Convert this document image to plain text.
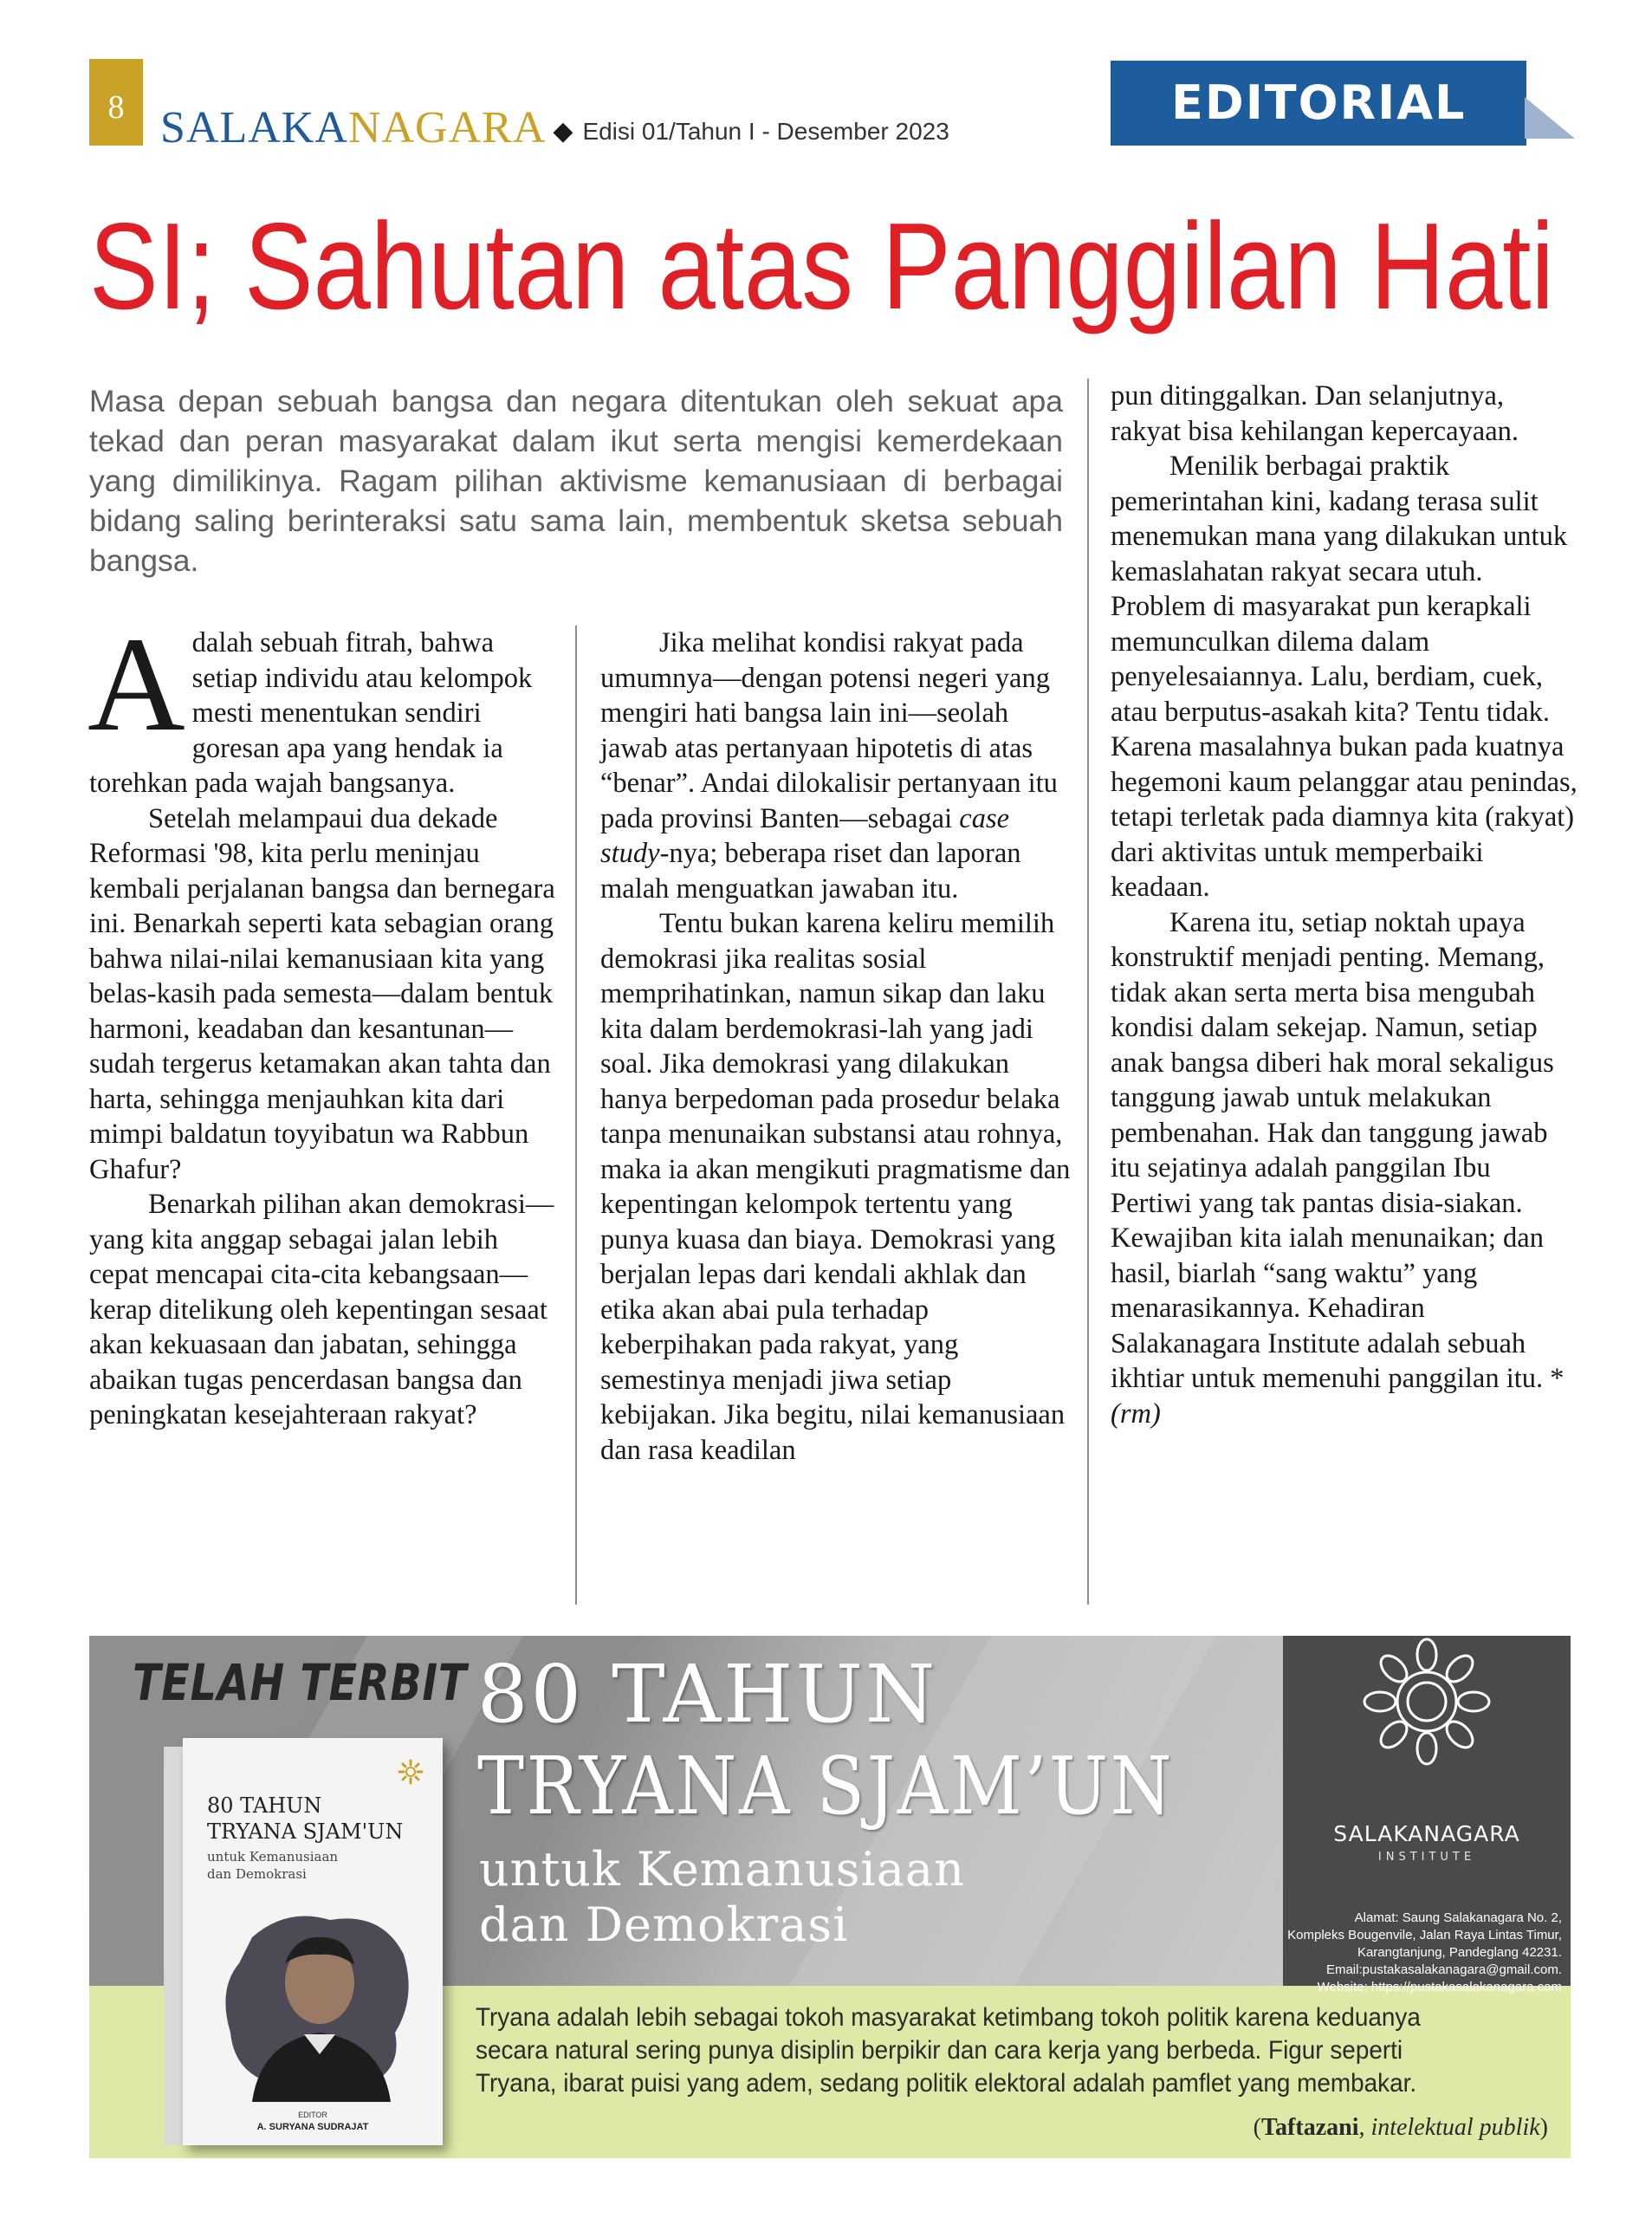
8 SALAKANAGARA ◆ Edisi 01/Tahun I - Desember 2023
EDITORIAL
SI; Sahutan atas Panggilan Hati
Masa depan sebuah bangsa dan negara ditentukan oleh sekuat apa tekad dan peran masyarakat dalam ikut serta mengisi kemerdekaan yang dimilikinya. Ragam pilihan aktivisme kemanusiaan di berbagai bidang saling berinteraksi satu sama lain, membentuk sketsa sebuah bangsa.

Adalah sebuah fitrah, bahwa setiap individu atau kelompok mesti menentukan sendiri goresan apa yang hendak ia torehkan pada wajah bangsanya.

Setelah melampaui dua dekade Reformasi '98, kita perlu meninjau kembali perjalanan bangsa dan bernegara ini. Benarkah seperti kata sebagian orang bahwa nilai-nilai kemanusiaan kita yang belas-kasih pada semesta—dalam bentuk harmoni, keadaban dan kesantunan—sudah tergerus ketamakan akan tahta dan harta, sehingga menjauhkan kita dari mimpi baldatun toyyibatun wa Rabbun Ghafur?

Benarkah pilihan akan demokrasi—yang kita anggap sebagai jalan lebih cepat mencapai cita-cita kebangsaan—kerap ditelikung oleh kepentingan sesaat akan kekuasaan dan jabatan, sehingga abaikan tugas pencerdasan bangsa dan peningkatan kesejahteraan rakyat?

Jika melihat kondisi rakyat pada umumnya—dengan potensi negeri yang mengiri hati bangsa lain ini—seolah jawab atas pertanyaan hipotetis di atas “benar”. Andai dilokalisir pertanyaan itu pada provinsi Banten—sebagai case study-nya; beberapa riset dan laporan malah menguatkan jawaban itu.

Tentu bukan karena keliru memilih demokrasi jika realitas sosial memprihatinkan, namun sikap dan laku kita dalam berdemokrasi-lah yang jadi soal. Jika demokrasi yang dilakukan hanya berpedoman pada prosedur belaka tanpa menunaikan substansi atau rohnya, maka ia akan mengikuti pragmatisme dan kepentingan kelompok tertentu yang punya kuasa dan biaya. Demokrasi yang berjalan lepas dari kendali akhlak dan etika akan abai pula terhadap keberpihakan pada rakyat, yang semestinya menjadi jiwa setiap kebijakan. Jika begitu, nilai kemanusiaan dan rasa keadilan

pun ditinggalkan. Dan selanjutnya, rakyat bisa kehilangan kepercayaan.

Menilik berbagai praktik pemerintahan kini, kadang terasa sulit menemukan mana yang dilakukan untuk kemaslahatan rakyat secara utuh. Problem di masyarakat pun kerapkali memunculkan dilema dalam penyelesaiannya. Lalu, berdiam, cuek, atau berputus-asakah kita? Tentu tidak. Karena masalahnya bukan pada kuatnya hegemoni kaum pelanggar atau penindas, tetapi terletak pada diamnya kita (rakyat) dari aktivitas untuk memperbaiki keadaan.

Karena itu, setiap noktah upaya konstruktif menjadi penting. Memang, tidak akan serta merta bisa mengubah kondisi dalam sekejap. Namun, setiap anak bangsa diberi hak moral sekaligus tanggung jawab untuk melakukan pembenahan. Hak dan tanggung jawab itu sejatinya adalah panggilan Ibu Pertiwi yang tak pantas disia-siakan. Kewajiban kita ialah menunaikan; dan hasil, biarlah “sang waktu” yang menarasikannya. Kehadiran Salakanagara Institute adalah sebuah ikhtiar untuk memenuhi panggilan itu. * (rm)

TELAH TERBIT 80 TAHUN
TRYANA SJAM’UN
untuk Kemanusiaan
dan Demokrasi
80 TAHUN
TRYANA SJAM'UN
untuk Kemanusiaan
dan Demokrasi
EDITOR
A. SURYANA SUDRAJAT
SALAKANAGARA
INSTITUTE
Alamat: Saung Salakanagara No. 2,
Kompleks Bougenvile, Jalan Raya Lintas Timur,
Karangtanjung, Pandeglang 42231.
Email:pustakasalakanagara@gmail.com.
Website: https://pustakasalakanagara.com
Tryana adalah lebih sebagai tokoh masyarakat ketimbang tokoh politik karena keduanya secara natural sering punya disiplin berpikir dan cara kerja yang berbeda. Figur seperti Tryana, ibarat puisi yang adem, sedang politik elektoral adalah pamflet yang membakar.
(Taftazani, intelektual publik)
